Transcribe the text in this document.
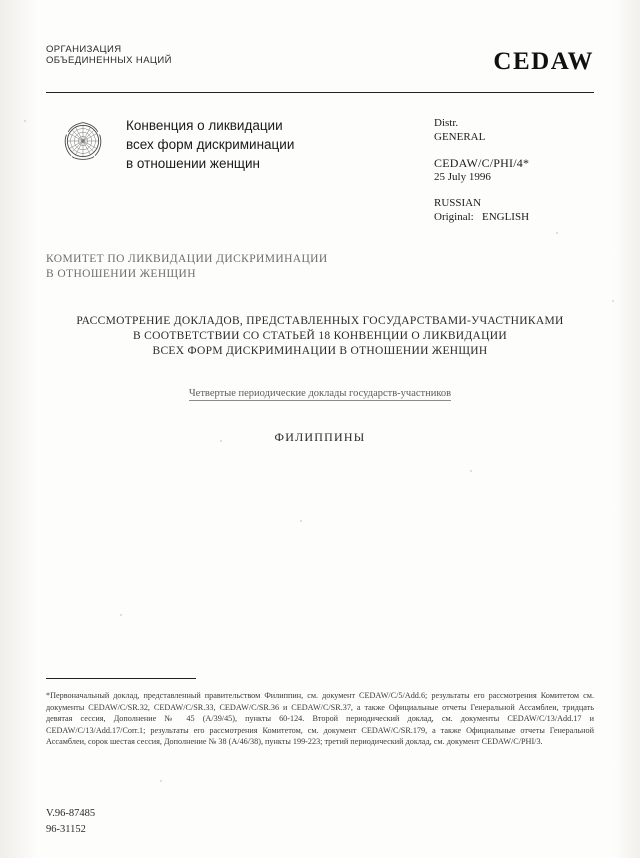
ОРГАНИЗАЦИЯ
ОБЪЕДИНЕННЫХ НАЦИЙ	CEDAW
Конвенция о ликвидации
всех форм дискриминации
в отношении женщин
Distr.
GENERAL
CEDAW/C/PHI/4*
25 July 1996
RUSSIAN
Original: ENGLISH
КОМИТЕТ ПО ЛИКВИДАЦИИ ДИСКРИМИНАЦИИ
В ОТНОШЕНИИ ЖЕНЩИН
РАССМОТРЕНИЕ ДОКЛАДОВ, ПРЕДСТАВЛЕННЫХ ГОСУДАРСТВАМИ-УЧАСТНИКАМИ
В СООТВЕТСТВИИ СО СТАТЬЕЙ 18 КОНВЕНЦИИ О ЛИКВИДАЦИИ
ВСЕХ ФОРМ ДИСКРИМИНАЦИИ В ОТНОШЕНИИ ЖЕНЩИН
Четвертые периодические доклады государств-участников
ФИЛИППИНЫ
*Первоначальный доклад, представленный правительством Филиппин, см. документ CEDAW/C/5/Add.6; результаты его рассмотрения Комитетом см. документы CEDAW/C/SR.32, CEDAW/C/SR.33, CEDAW/C/SR.36 и CEDAW/C/SR.37, а также Официальные отчеты Генеральной Ассамблеи, тридцать девятая сессия, Дополнение № 45 (A/39/45), пункты 60-124. Второй периодический доклад, см. документы CEDAW/C/13/Add.17 и CEDAW/C/13/Add.17/Corr.1; результаты его рассмотрения Комитетом, см. документ CEDAW/C/SR.179, а также Официальные отчеты Генеральной Ассамблеи, сорок шестая сессия, Дополнение № 38 (A/46/38), пункты 199-223; третий периодический доклад, см. документ CEDAW/C/PHI/3.
V.96-87485
96-31152
